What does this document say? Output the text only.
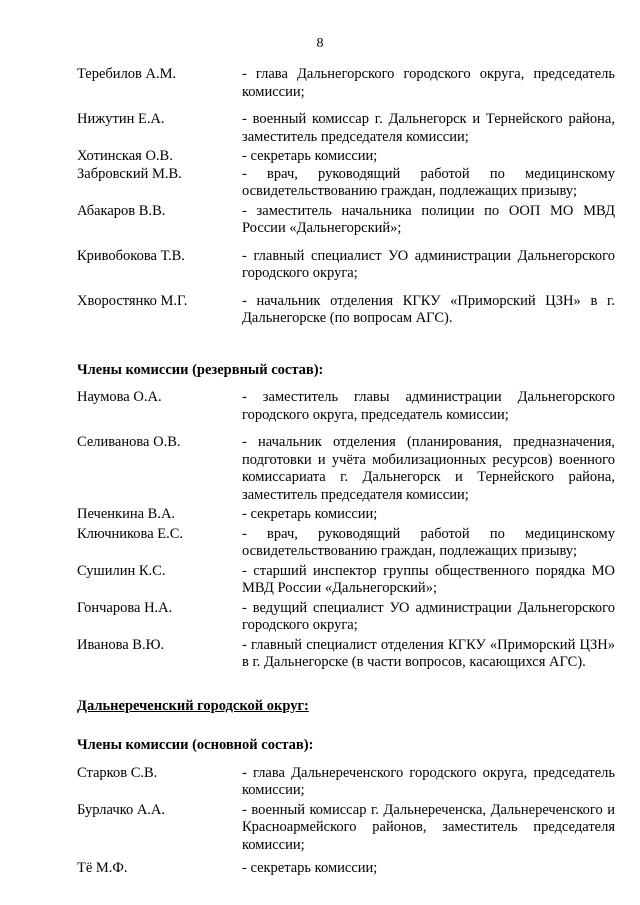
8
Теребилов А.М.	- глава Дальнегорского городского округа, председатель комиссии;
Нижутин Е.А.	- военный комиссар г. Дальнегорск и Тернейского района, заместитель председателя комиссии;
Хотинская О.В.	- секретарь комиссии;
Забровский М.В.	- врач, руководящий работой по медицинскому освидетельствованию граждан, подлежащих призыву;
Абакаров В.В.	- заместитель начальника полиции по ООП МО МВД России «Дальнегорский»;
Кривобокова Т.В.	- главный специалист УО администрации Дальнегорского городского округа;
Хворостянко М.Г.	- начальник отделения КГКУ «Приморский ЦЗН» в г. Дальнегорске (по вопросам АГС).
Члены комиссии (резервный состав):
Наумова О.А.	- заместитель главы администрации Дальнегорского городского округа, председатель комиссии;
Селиванова О.В.	- начальник отделения (планирования, предназначения, подготовки и учёта мобилизационных ресурсов) военного комиссариата г. Дальнегорск и Тернейского района, заместитель председателя комиссии;
Печенкина В.А.	- секретарь комиссии;
Ключникова Е.С.	- врач, руководящий работой по медицинскому освидетельствованию граждан, подлежащих призыву;
Сушилин К.С.	- старший инспектор группы общественного порядка МО МВД России «Дальнегорский»;
Гончарова Н.А.	- ведущий специалист УО администрации Дальнегорского городского округа;
Иванова В.Ю.	- главный специалист отделения КГКУ «Приморский ЦЗН» в г. Дальнегорске (в части вопросов, касающихся АГС).
Дальнереченский городской округ:
Члены комиссии (основной состав):
Старков С.В.	- глава Дальнереченского городского округа, председатель комиссии;
Бурлачко А.А.	- военный комиссар г. Дальнереченска, Дальнереченского и Красноармейского районов, заместитель председателя комиссии;
Тё М.Ф.	- секретарь комиссии;
